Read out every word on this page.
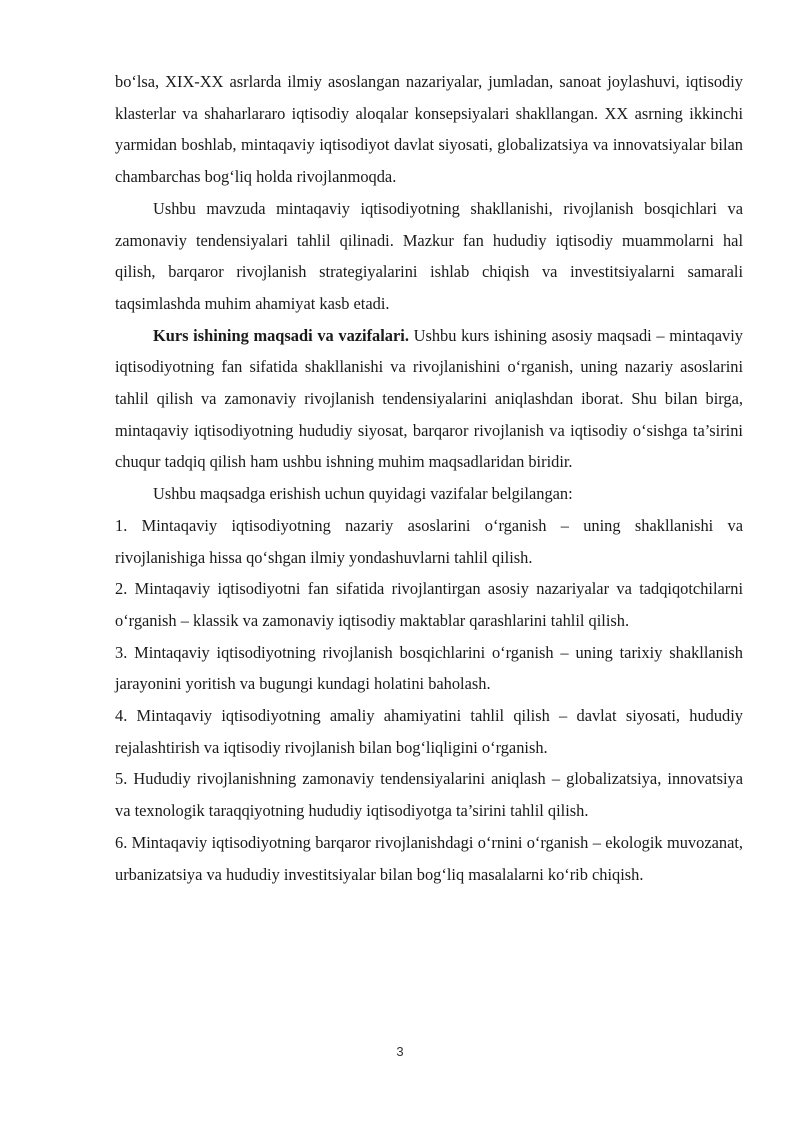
bo‘lsa, XIX-XX asrlarda ilmiy asoslangan nazariyalar, jumladan, sanoat joylashuvi, iqtisodiy klasterlar va shaharlararo iqtisodiy aloqalar konsepsiyalari shakllangan. XX asrning ikkinchi yarmidan boshlab, mintaqaviy iqtisodiyot davlat siyosati, globalizatsiya va innovatsiyalar bilan chambarchas bog‘liq holda rivojlanmoqda.

Ushbu mavzuda mintaqaviy iqtisodiyotning shakllanishi, rivojlanish bosqichlari va zamonaviy tendensiyalari tahlil qilinadi. Mazkur fan hududiy iqtisodiy muammolarni hal qilish, barqaror rivojlanish strategiyalarini ishlab chiqish va investitsiyalarni samarali taqsimlashda muhim ahamiyat kasb etadi.

Kurs ishining maqsadi va vazifalari. Ushbu kurs ishining asosiy maqsadi – mintaqaviy iqtisodiyotning fan sifatida shakllanishi va rivojlanishini o‘rganish, uning nazariy asoslarini tahlil qilish va zamonaviy rivojlanish tendensiyalarini aniqlashdan iborat. Shu bilan birga, mintaqaviy iqtisodiyotning hududiy siyosat, barqaror rivojlanish va iqtisodiy o‘sishga ta’sirini chuqur tadqiq qilish ham ushbu ishning muhim maqsadlaridan biridir.

Ushbu maqsadga erishish uchun quyidagi vazifalar belgilangan:

1. Mintaqaviy iqtisodiyotning nazariy asoslarini o‘rganish – uning shakllanishi va rivojlanishiga hissa qo‘shgan ilmiy yondashuvlarni tahlil qilish.

2. Mintaqaviy iqtisodiyotni fan sifatida rivojlantirgan asosiy nazariyalar va tadqiqotchilarni o‘rganish – klassik va zamonaviy iqtisodiy maktablar qarashlarini tahlil qilish.

3. Mintaqaviy iqtisodiyotning rivojlanish bosqichlarini o‘rganish – uning tarixiy shakllanish jarayonini yoritish va bugungi kundagi holatini baholash.

4. Mintaqaviy iqtisodiyotning amaliy ahamiyatini tahlil qilish – davlat siyosati, hududiy rejalashtirish va iqtisodiy rivojlanish bilan bog‘liqligini o‘rganish.

5. Hududiy rivojlanishning zamonaviy tendensiyalarini aniqlash – globalizatsiya, innovatsiya va texnologik taraqqiyotning hududiy iqtisodiyotga ta’sirini tahlil qilish.

6. Mintaqaviy iqtisodiyotning barqaror rivojlanishdagi o‘rnini o‘rganish – ekologik muvozanat, urbanizatsiya va hududiy investitsiyalar bilan bog‘liq masalalarni ko‘rib chiqish.

3
